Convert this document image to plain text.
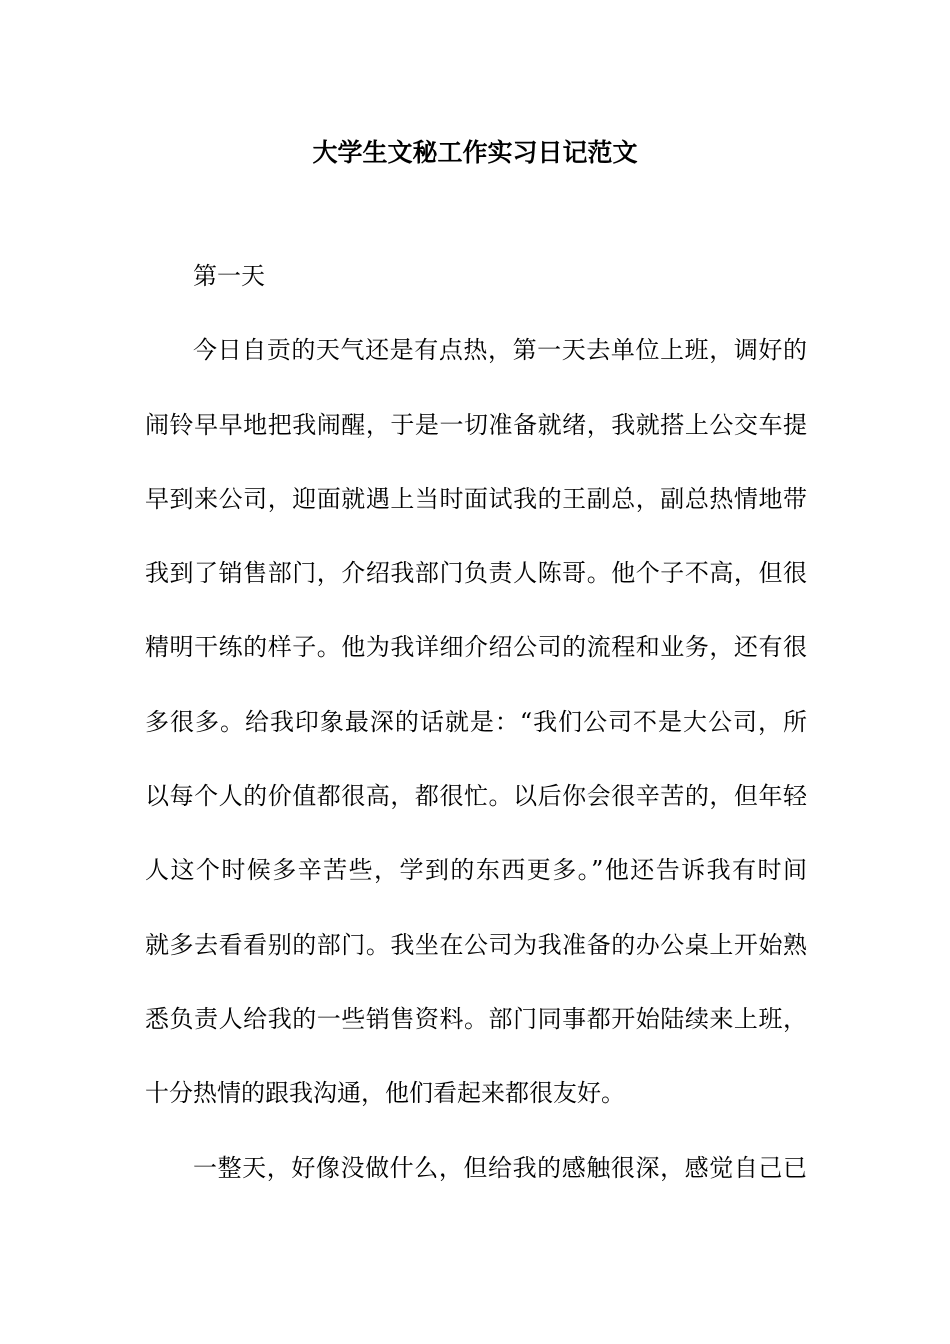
大学生文秘工作实习日记范文
第一天
今日自贡的天气还是有点热，第一天去单位上班，调好的
闹铃早早地把我闹醒，于是一切准备就绪，我就搭上公交车提
早到来公司，迎面就遇上当时面试我的王副总，副总热情地带
我到了销售部门，介绍我部门负责人陈哥。他个子不高，但很
精明干练的样子。他为我详细介绍公司的流程和业务，还有很
多很多。给我印象最深的话就是：“我们公司不是大公司，所
以每个人的价值都很高，都很忙。以后你会很辛苦的，但年轻
人这个时候多辛苦些，学到的东西更多。”他还告诉我有时间
就多去看看别的部门。我坐在公司为我准备的办公桌上开始熟
悉负责人给我的一些销售资料。部门同事都开始陆续来上班，
十分热情的跟我沟通，他们看起来都很友好。
一整天，好像没做什么，但给我的感触很深，感觉自己已
